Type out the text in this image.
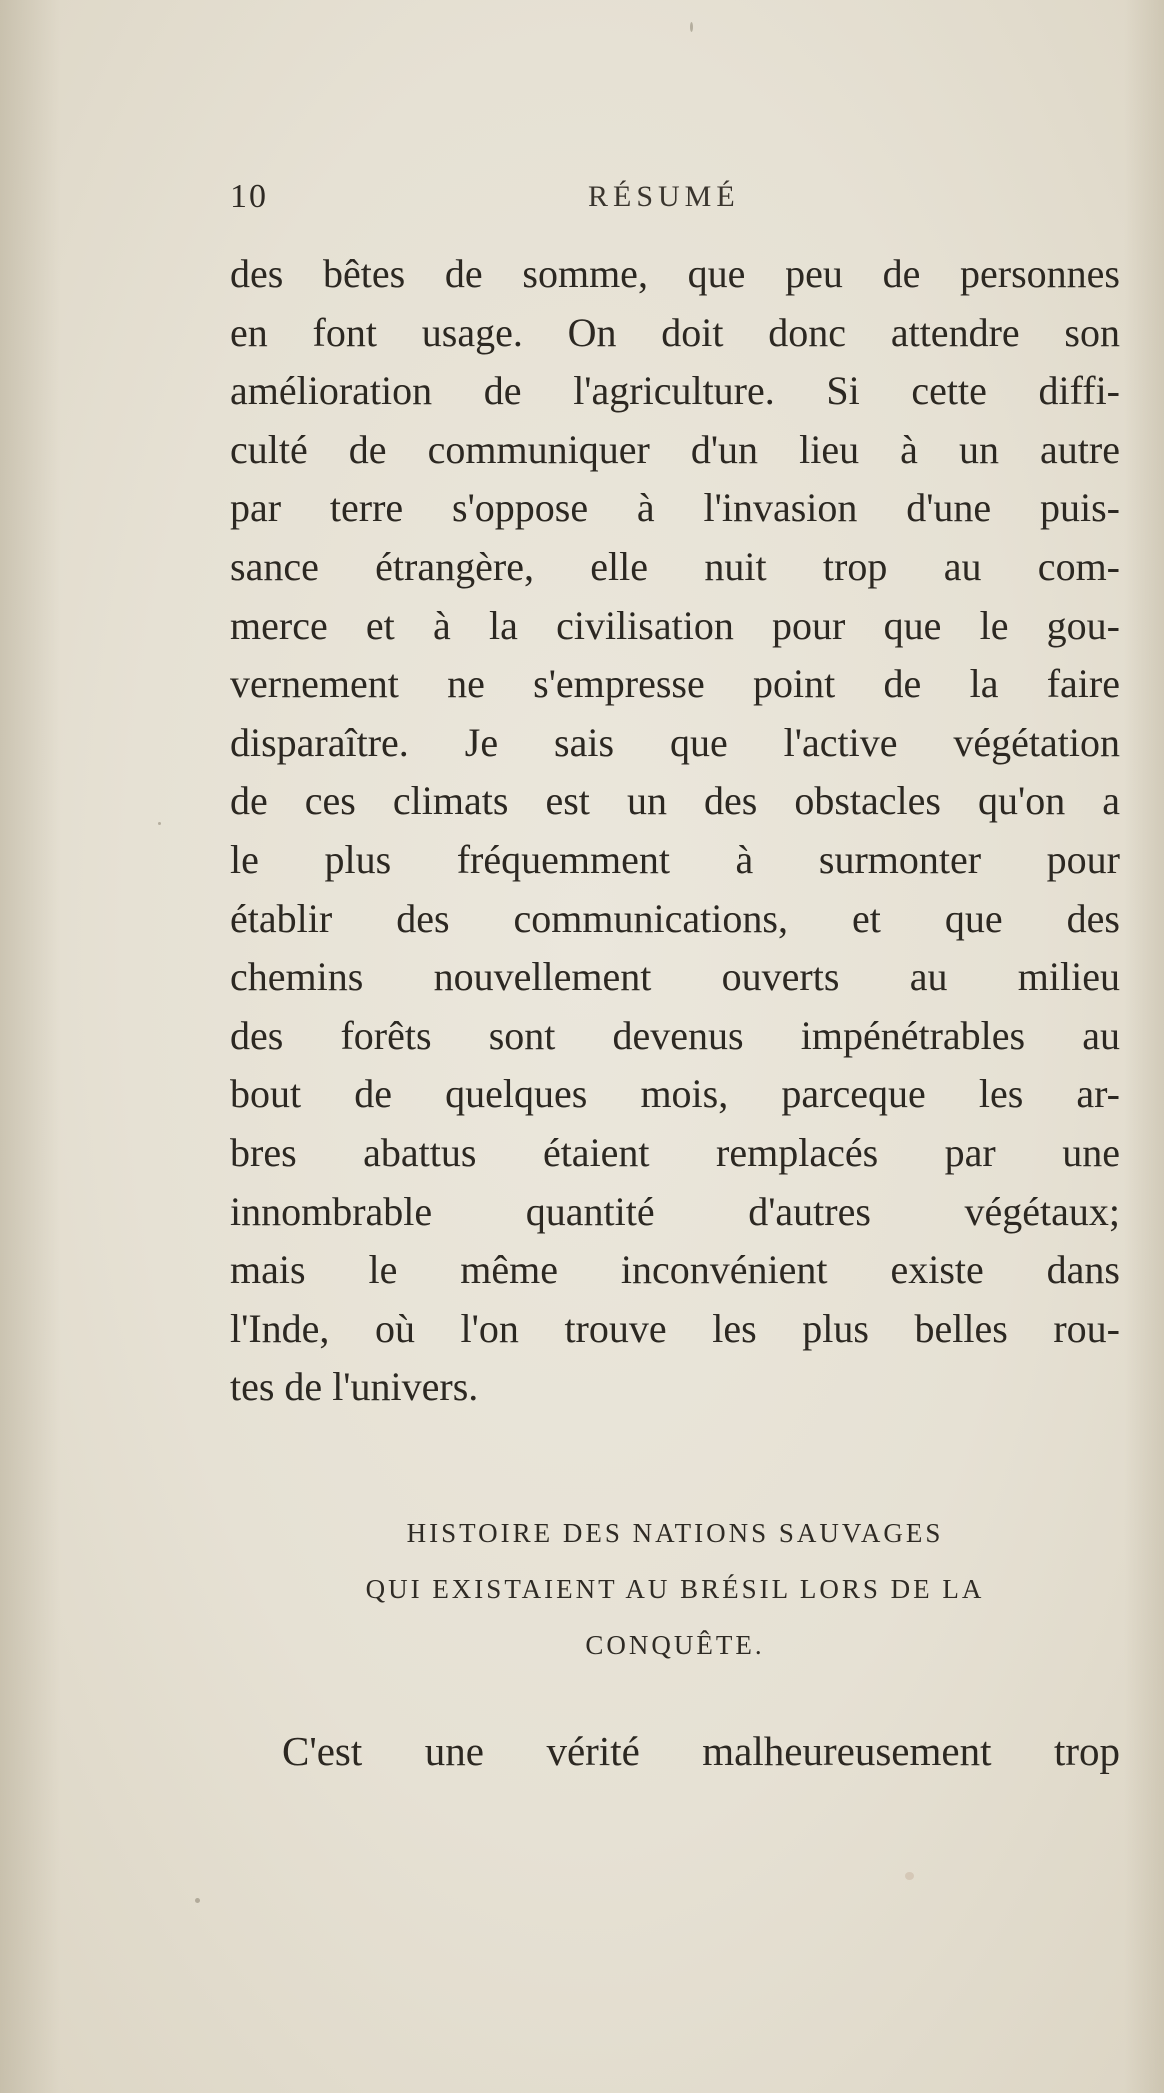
10	RÉSUMÉ
des bêtes de somme, que peu de personnes
en font usage. On doit donc attendre son
amélioration de l'agriculture. Si cette diffi-
culté de communiquer d'un lieu à un autre
par terre s'oppose à l'invasion d'une puis-
sance étrangère, elle nuit trop au com-
merce et à la civilisation pour que le gou-
vernement ne s'empresse point de la faire
disparaître. Je sais que l'active végétation
de ces climats est un des obstacles qu'on a
le plus fréquemment à surmonter pour
établir des communications, et que des
chemins nouvellement ouverts au milieu
des forêts sont devenus impénétrables au
bout de quelques mois, parceque les ar-
bres abattus étaient remplacés par une
innombrable quantité d'autres végétaux;
mais le même inconvénient existe dans
l'Inde, où l'on trouve les plus belles rou-
tes de l'univers.
HISTOIRE DES NATIONS SAUVAGES
QUI EXISTAIENT AU BRÉSIL LORS DE LA
CONQUÊTE.
C'est une vérité malheureusement trop
